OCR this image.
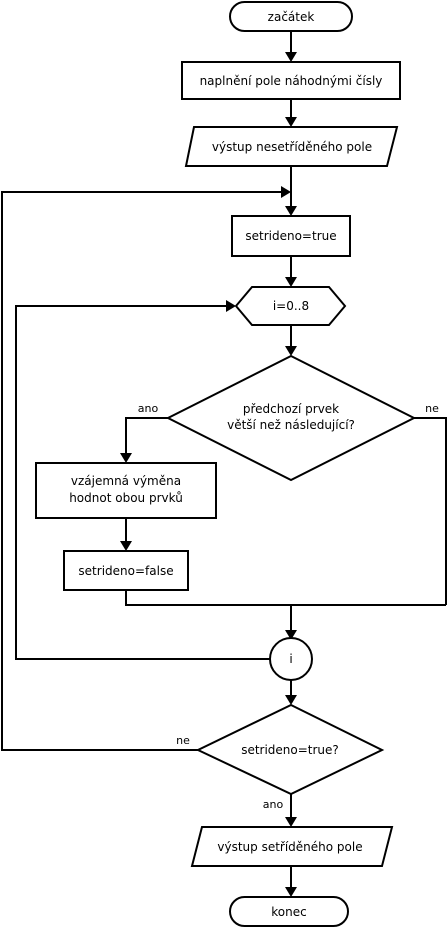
začátek
naplnění pole náhodnými čísly
výstup nesetříděného pole
setrideno=true
i=0..8
předchozí prvek
větší než následující?
ano	ne
vzájemná výměna
hodnot obou prvků
setrideno=false
i
setrideno=true?
ne
ano
výstup setříděného pole
konec
